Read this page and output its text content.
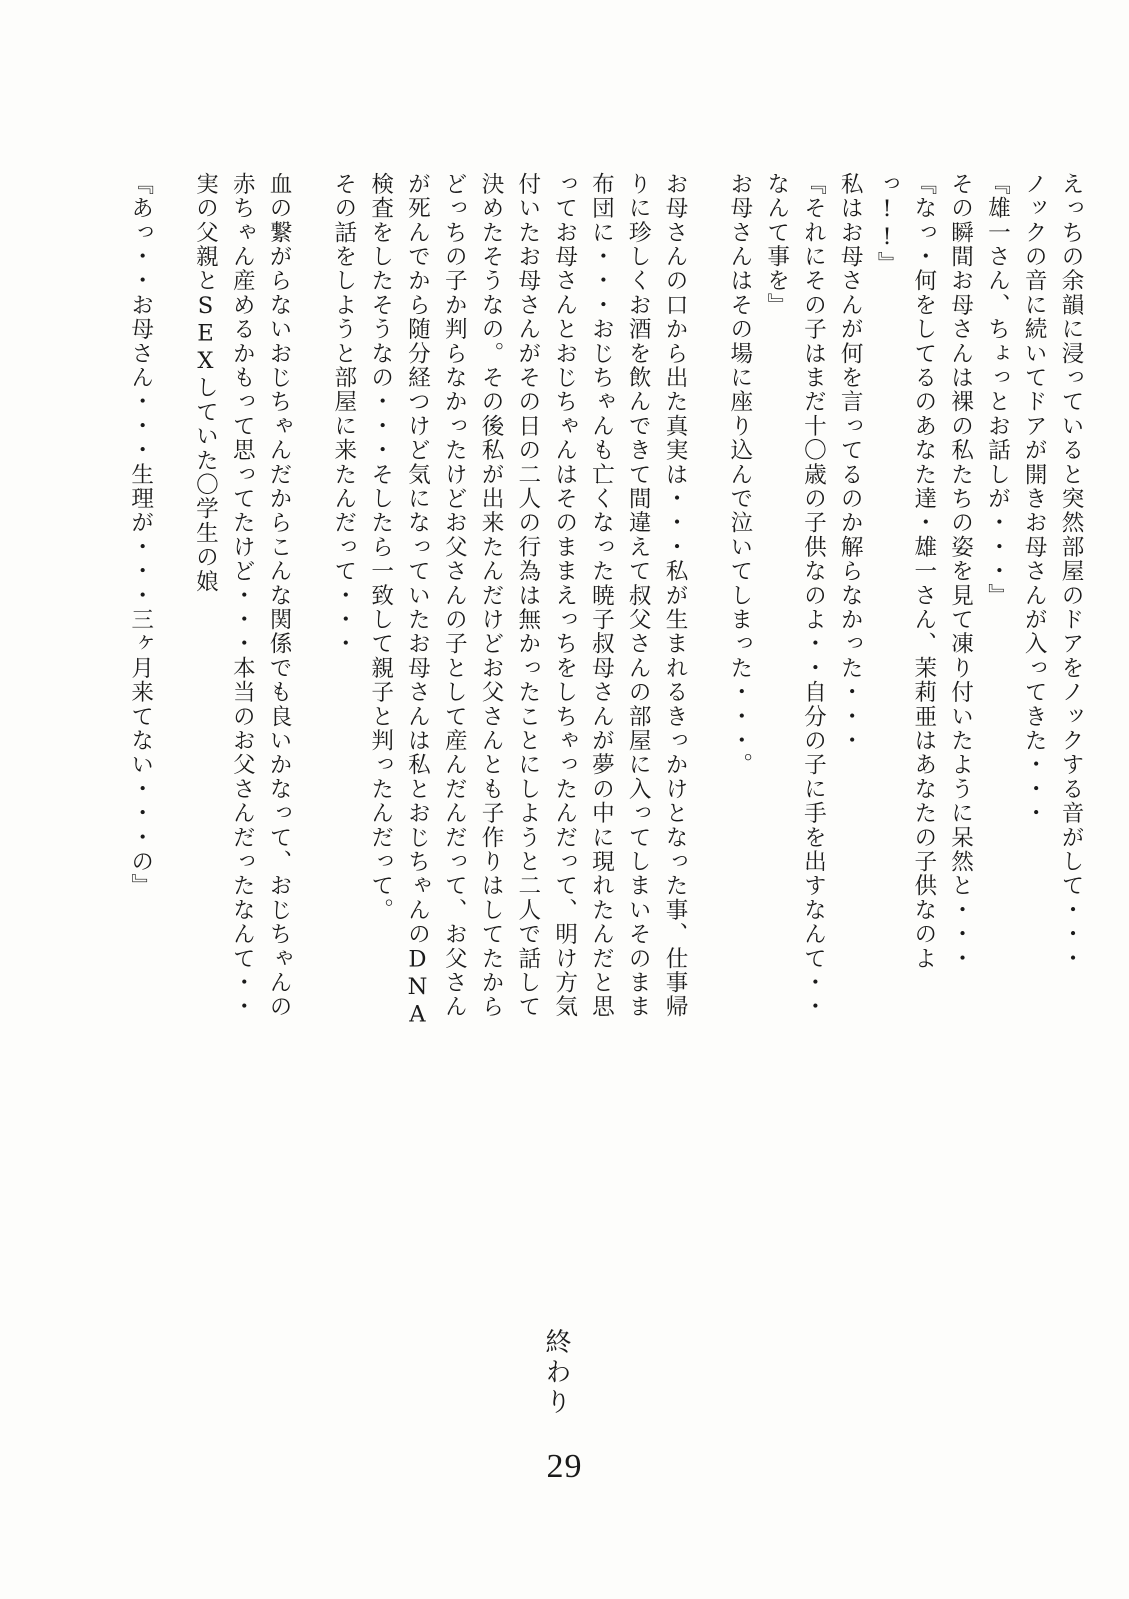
えっちの余韻に浸っていると突然部屋のドアをノックする音がして・・・
ノックの音に続いてドアが開きお母さんが入ってきた・・・
『雄一さん、ちょっとお話しが・・・』
その瞬間お母さんは裸の私たちの姿を見て凍り付いたように呆然と・・・
『なっ・何をしてるのあなた達・雄一さん、茉莉亜はあなたの子供なのよ
っ!!』
私はお母さんが何を言ってるのか解らなかった・・・
『それにその子はまだ十〇歳の子供なのよ・・自分の子に手を出すなんて・・
なんて事を』
お母さんはその場に座り込んで泣いてしまった・・・。
お母さんの口から出た真実は・・・私が生まれるきっかけとなった事、仕事帰
りに珍しくお酒を飲んできて間違えて叔父さんの部屋に入ってしまいそのまま
布団に・・・おじちゃんも亡くなった暁子叔母さんが夢の中に現れたんだと思
ってお母さんとおじちゃんはそのままえっちをしちゃったんだって、明け方気
付いたお母さんがその日の二人の行為は無かったことにしようと二人で話して
決めたそうなの。その後私が出来たんだけどお父さんとも子作りはしてたから
どっちの子か判らなかったけどお父さんの子として産んだんだって、お父さん
が死んでから随分経つけど気になっていたお母さんは私とおじちゃんのDNA
検査をしたそうなの・・・そしたら一致して親子と判ったんだって。
その話をしようと部屋に来たんだって・・・
血の繋がらないおじちゃんだからこんな関係でも良いかなって、おじちゃんの
赤ちゃん産めるかもって思ってたけど・・・本当のお父さんだったなんて・・
実の父親とSEXしていた〇学生の娘
『あっ・・お母さん・・・生理が・・・三ヶ月来てない・・・の』
終わり
29
